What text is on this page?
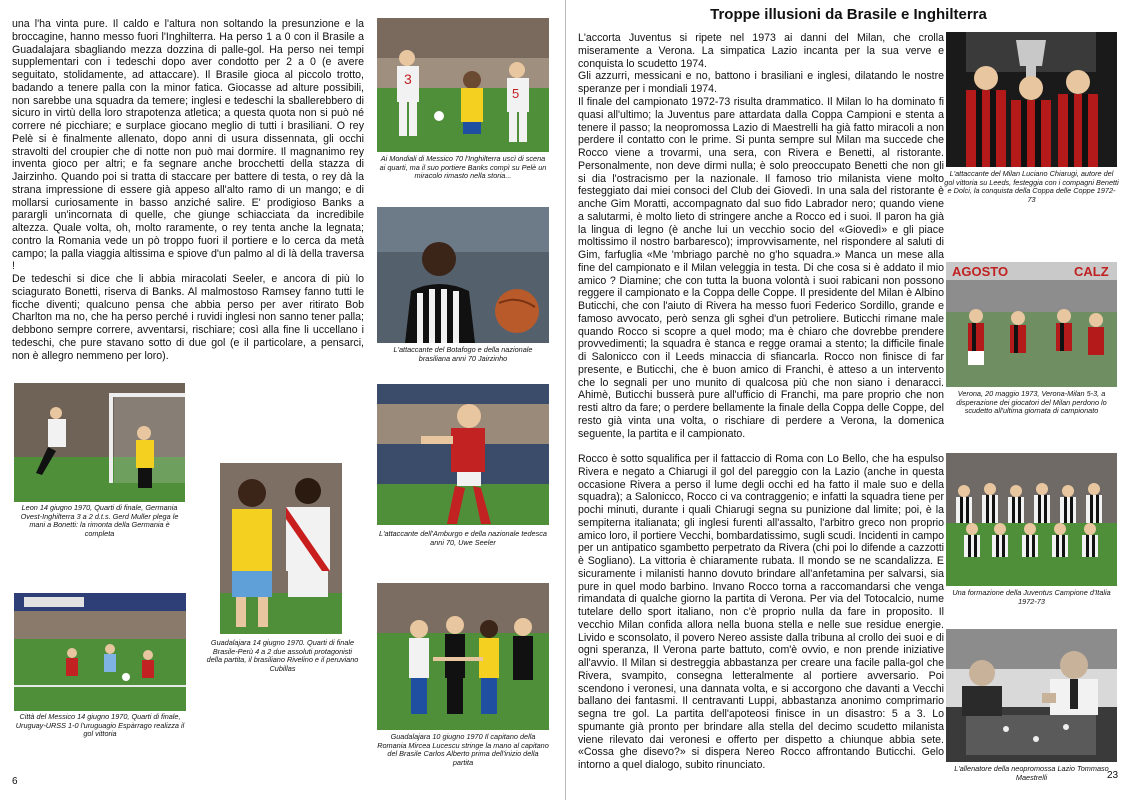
una l'ha vinta pure. Il caldo e l'altura non soltando la presunzione e la broccagine, hanno messo fuori l'Inghilterra. Ha perso 1 a 0 con il Brasile a Guadalajara sbagliando mezza dozzina di palle-gol. Ha perso nei tempi supplementari con i tedeschi dopo aver condotto per 2 a 0 (e avere seguitato, stolidamente, ad attaccare). Il Brasile gioca al piccolo trotto, badando a tenere palla con la minor fatica. Giocasse ad alture possibili, non sarebbe una squadra da temere; inglesi e tedeschi la sballerebbero di sicuro in virtù della loro strapotenza atletica; a questa quota non si può né correre né picchiare; e surplace giocano meglio di tutti i brasiliani. O rey Pelè si è finalmente allenato, dopo anni di usura dissennata, gli occhi stravolti del croupier che di notte non può mai dormire. Il magnanimo rey inventa gioco per altri; e fa segnare anche brocchetti della stazza di Jairzinho. Quando poi si tratta di staccare per battere di testa, o rey dà la strana impressione di essere già appeso all'alto ramo di un mango; e di mollarsi curiosamente in basso anziché salire. E' prodigioso Banks a parargli un'incornata di quelle, che giunge schiacciata da incredibile altezza. Quale volta, oh, molto raramente, o rey tenta anche la legnata; contro la Romania vede un pò troppo fuori il portiere e lo cerca da metà campo; la palla viaggia altissima e spiove d'un palmo al di là della traversa !

De tedeschi si dice che li abbia miracolati Seeler, e ancora di più lo sciagurato Bonetti, riserva di Banks. Al malmostoso Ramsey fanno tutti le ficche diventi; qualcuno pensa che abbia perso per aver ritirato Bob Charlton ma no, che ha perso perché i ruvidi inglesi non sanno tener palla; debbono sempre correre, avventarsi, rischiare; così alla fine li uccellano i tedeschi, che pure stavano sotto di due gol (e il particolare, a pensarci, non è allegro nemmeno per loro).

3
5

Ai Mondiali di Messico 70 l'Inghilterra uscì di scena ai quarti, ma il suo portiere Banks compì su Pelè un miracolo rimasto nella storia...

L'attaccante del Botafogo e della nazionale brasiliana anni 70 Jairzinho

Leon 14 giugno 1970, Quarti di finale, Germania Ovest-Inghilterra 3 a 2 d.t.s. Gerd Muller plega le mani a Bonetti: la rimonta della Germania è completa	L'attaccante dell'Amburgo e della nazionale tedesca anni 70, Uwe Seeler

Guadalajara 14 giugno 1970. Quarti di finale Brasile-Perù 4 a 2 due assoluti protagonisti della partita, il brasiliano Rivelino e il peruviano Cubillas

Città del Messico 14 giugno 1970, Quarti di finale, Uruguay-URSS 1-0 l'uruguagio Espàrrago realizza il gol vittoria	Guadalajara 10 giugno 1970 Il capitano della Romania Mircea Lucescu stringe la mano al capitano del Brasile Carlos Alberto prima dell'inizio della partita

6
Troppe illusioni da Brasile e Inghilterra

L'accorta Juventus si ripete nel 1973 ai danni del Milan, che crolla miseramente a Verona. La simpatica Lazio incanta per la sua verve e conquista lo scudetto 1974.

Gli azzurri, messicani e no, battono i brasiliani e inglesi, dilatando le nostre speranze per i mondiali 1974.

Il finale del campionato 1972-73 risulta drammatico. Il Milan lo ha dominato fi quasi all'ultimo; la Juventus pare attardata dalla Coppa Campioni e stenta a tenere il passo; la neopromossa Lazio di Maestrelli ha già fatto miracoli a non perdere il contatto con le prime. Si punta sempre sul Milan ma succede che Rocco viene a trovarmi, una sera, con Rivera e Benetti, al ristorante. Personalmente, non deve dirmi nulla; è solo preoccupato Benetti che non gli si dia l'ostracismo per la nazionale. Il famoso trio milanista viene molto festeggiato dai miei consoci del Club dei Giovedì. In una sala del ristorante è anche Gim Moratti, accompagnato dal suo fido Labrador nero; quando viene a salutarmi, è molto lieto di stringere anche a Rocco ed i suoi. Il paron ha già la lingua di legno (è anche lui un vecchio socio del «Giovedì» e gli piace moltissimo il nostro barbaresco); improvvisamente, nel rispondere al saluti di Gim, farfuglia «Me 'mbriago parchè no g'ho squadra.» Manca un mese alla fine del campionato e il Milan veleggia in testa. Di che cosa si è addato il mio amico ? Diamine; che con tutta la buona volontà i suoi rabicani non possono reggere il campionato e la Coppa delle Coppe. Il presidente del Milan è Albino Buticchi, che con l'aiuto di Rivera ha messo fuori Federico Sordillo, grande e famoso avvocato, però senza gli sghei d'un petroliere. Buticchi rimane male quando Rocco si scopre a quel modo; ma è chiaro che dovrebbe prendere provvedimenti; la squadra è stanca e regge oramai a stento; la difficile finale di Salonicco con il Leeds minaccia di sfiancarla. Rocco non finisce di far presente, e Buticchi, che è buon amico di Franchi, è atteso a un intervento che lo segnali per uno munito di qualcosa più che non siano i denaracci. Ahimè, Buticchi busserà pure all'ufficio di Franchi, ma pare proprio che non resti altro da fare; o perdere bellamente la finale della Coppa delle Coppe, del resto già vinta una volta, o rischiare di perdere a Verona, la domenica seguente, la partita e il campionato.

Rocco è sotto squalifica per il fattaccio di Roma con Lo Bello, che ha espulso Rivera e negato a Chiarugi il gol del pareggio con la Lazio (anche in questa occasione Rivera a perso il lume degli occhi ed ha fatto il male suo e della squadra); a Salonicco, Rocco ci va contraggenio; e infatti la squadra tiene per pochi minuti, durante i quali Chiarugi segna su punizione dal limite; poi, è la sempiterna italianata; gli inglesi furenti all'assalto, l'arbitro greco non proprio amico loro, il portiere Vecchi, bombardatissimo, sugli scudi. Incidenti in campo per un antipatico sgambetto perpetrato da Rivera (chi poi lo difende a cazzotti è Sogliano). La vittoria è chiaramente rubata. Il mondo se ne scandalizza. E sicuramente i milanisti hanno dovuto brindare all'anfetamina per salvarsi, sia pure in quel modo barbino. Invano Rocco torna a raccomandarsi che venga rimandata di qualche giorno la partita di Verona. Per via del Totocalcio, nume tutelare dello sport italiano, non c'è proprio nulla da fare in proposito. Il vecchio Milan confida allora nella buona stella e nelle sue residue energie. Livido e sconsolato, il povero Nereo assiste dalla tribuna al crollo dei suoi e di ogni speranza, Il Verona parte battuto, com'è ovvio, e non prende iniziative all'avvio. Il Milan si destreggia abbastanza per creare una facile palla-gol che Rivera, svampito, consegna letteralmente al portiere avversario. Poi scendono i veronesi, una dannata volta, e si accorgono che davanti a Vecchi ballano dei fantasmi. Il centravanti Luppi, abbastanza anonimo comprimario segna tre gol. La partita dell'apoteosi finisce in un disastro: 5 a 3. Lo spumante già pronto per brindare alla stella del decimo scudetto milanista viene rilevato dai veronesi e offerto per dispetto a chiunque abbia sete. «Cossa ghe disevo?» si dispera Nereo Rocco affrontando Buticchi. Gelo intorno a quel dialogo, subito rinunciato.

L'attaccante del Milan Luciano Chiarugi, autore del gol vittoria su Leeds, festeggia con i compagni Benetti e Dolci, la conquista della Coppa delle Coppe 1972-73

AGOSTO	CALZ

Verona, 20 maggio 1973, Verona-Milan 5-3, a disperazione dei giocatori del Milan perdono lo scudetto all'ultima giornata di campionato

Una formazione della Juventus Campione d'Italia 1972-73

L'allenatore della neopromossa Lazio Tommaso Maestrelli	23
